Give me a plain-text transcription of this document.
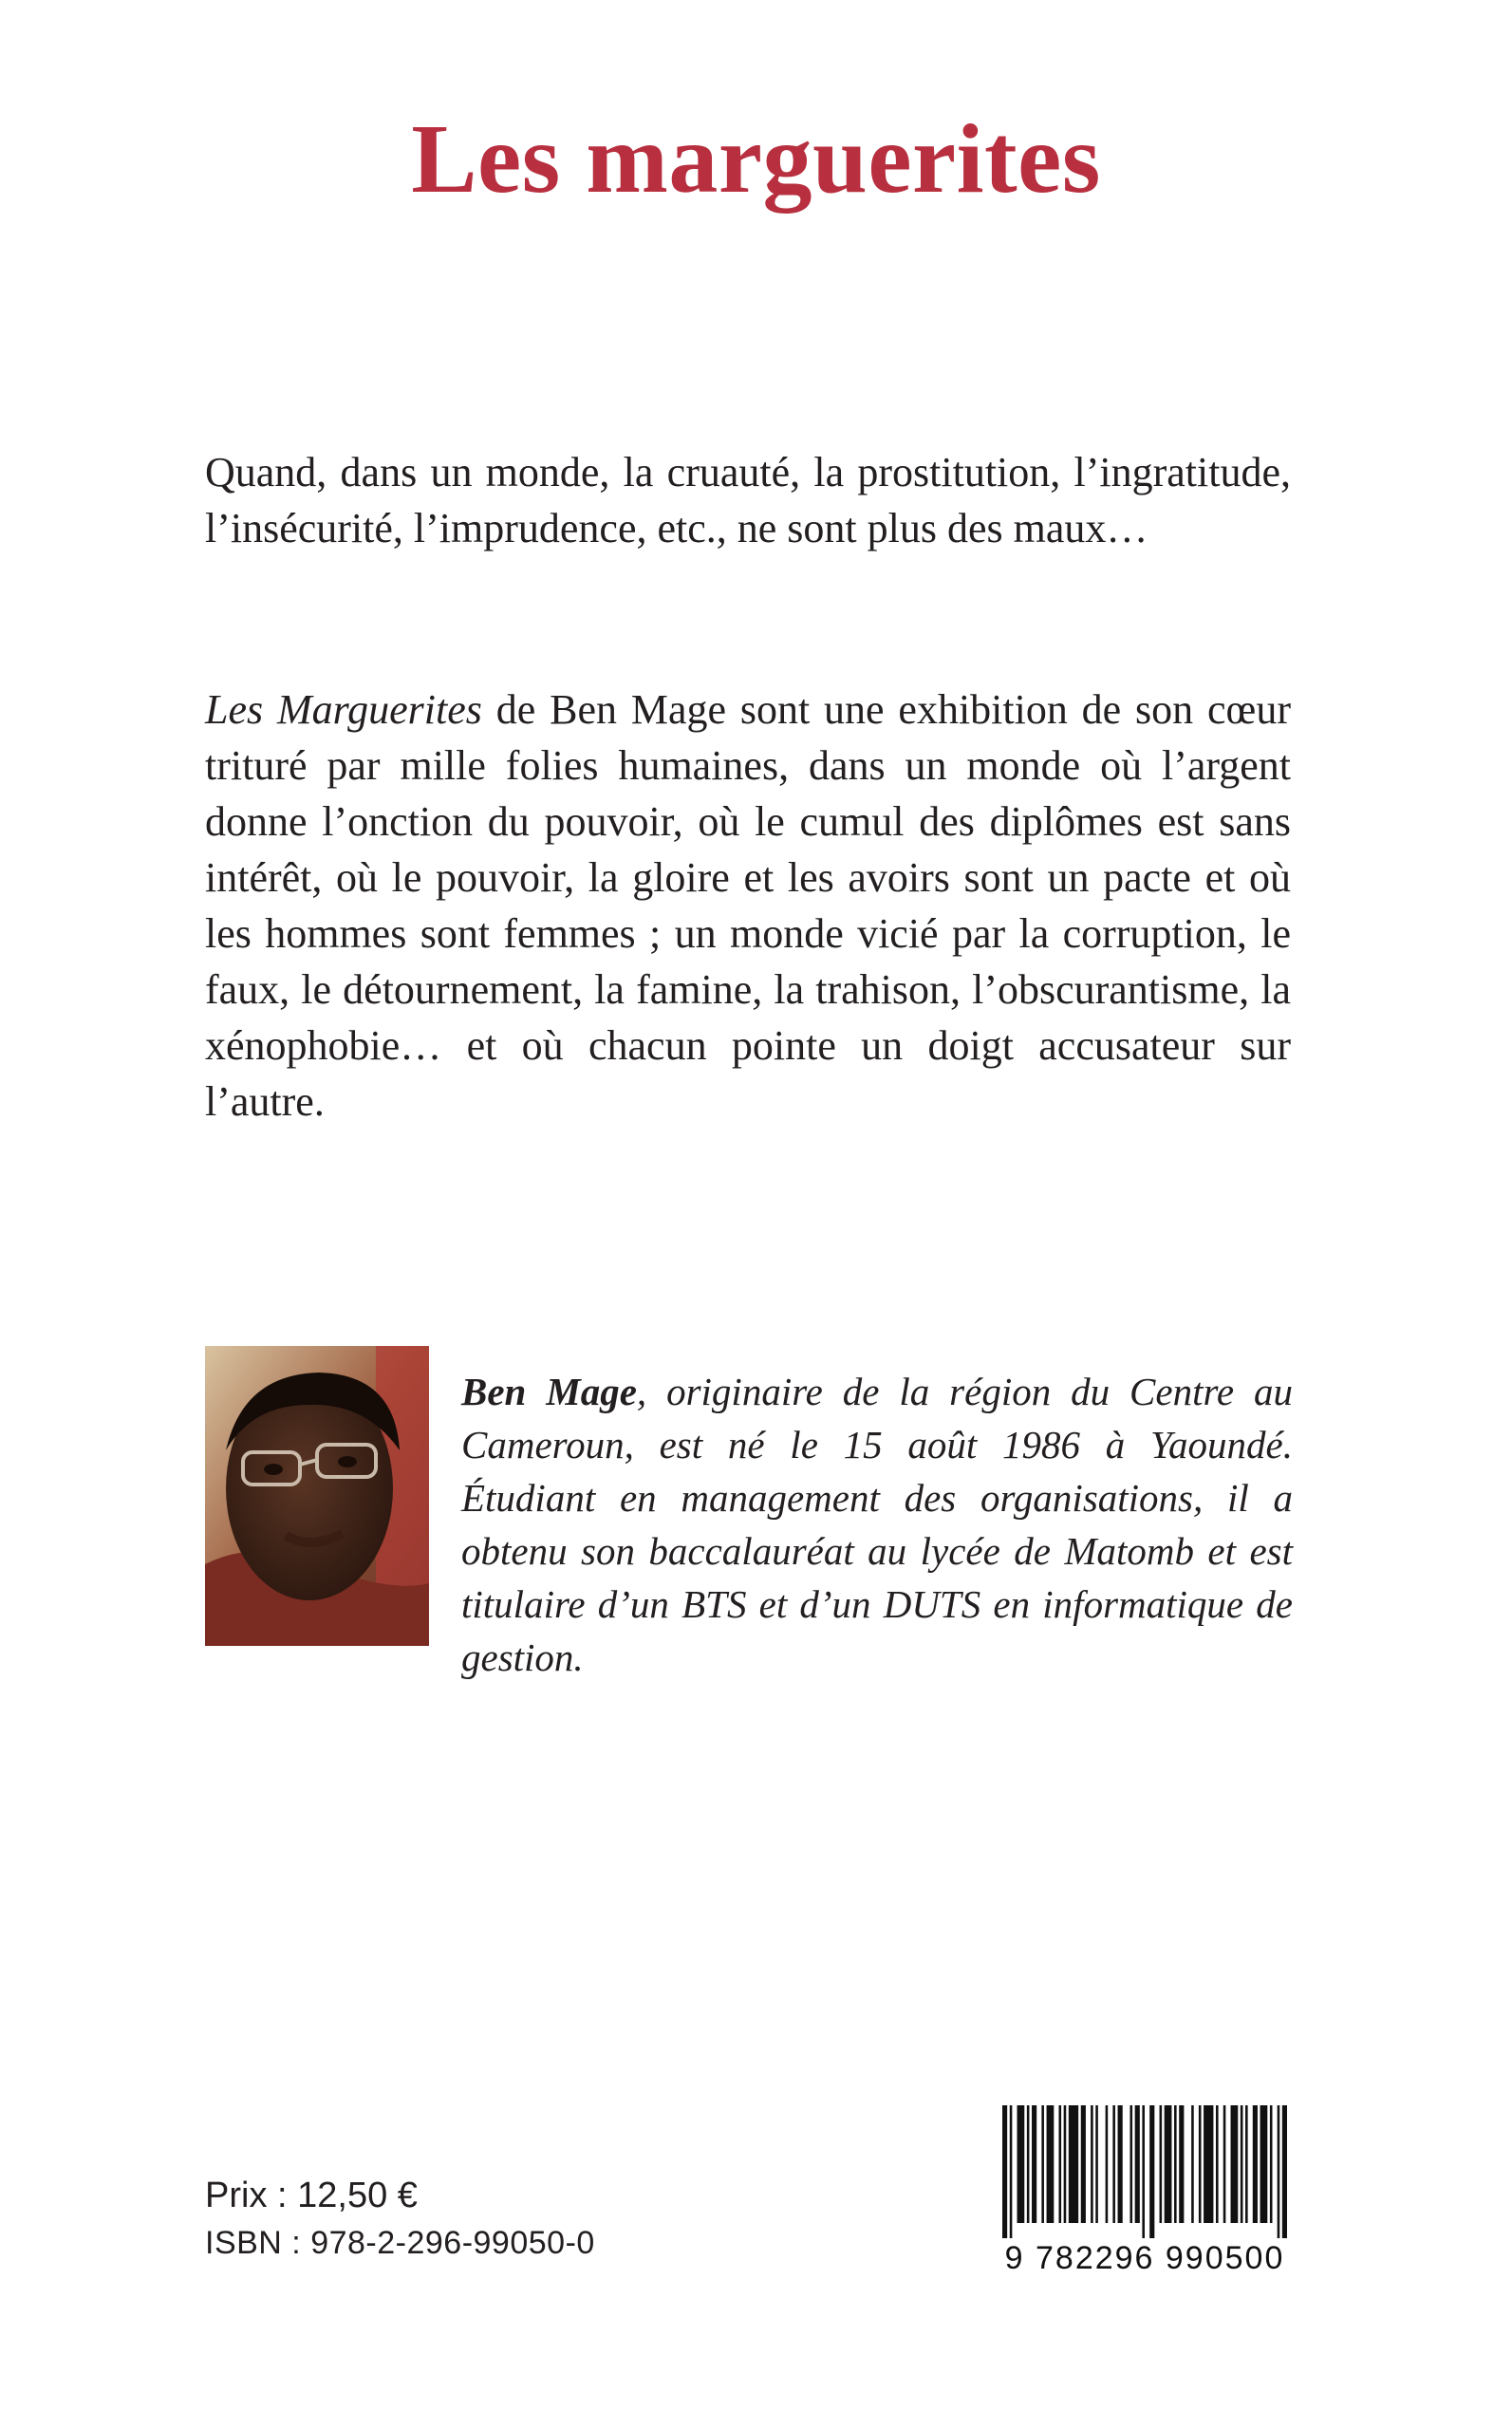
Les marguerites

Quand, dans un monde, la cruauté, la prostitution, l’ingratitude, l’insécurité, l’imprudence, etc., ne sont plus des maux…

Les Marguerites de Ben Mage sont une exhibition de son cœur trituré par mille folies humaines, dans un monde où l’argent donne l’onction du pouvoir, où le cumul des diplômes est sans intérêt, où le pouvoir, la gloire et les avoirs sont un pacte et où les hommes sont femmes ; un monde vicié par la corruption, le faux, le détournement, la famine, la trahison, l’obscurantisme, la xénophobie… et où chacun pointe un doigt accusateur sur l’autre.

Ben Mage, originaire de la région du Centre au Cameroun, est né le 15 août 1986 à Yaoundé. Étudiant en management des organisations, il a obtenu son baccalauréat au lycée de Matomb et est titulaire d’un BTS et d’un DUTS en informatique de gestion.

Prix : 12,50 €
ISBN : 978-2-296-99050-0	9 782296 990500
